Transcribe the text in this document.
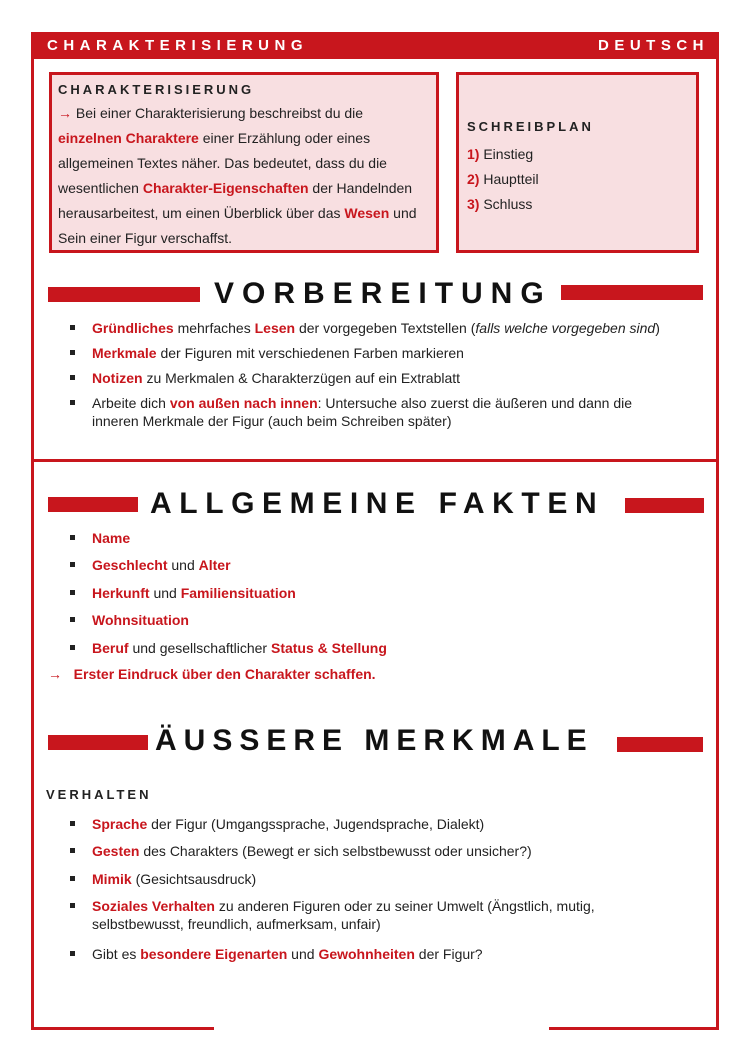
CHARAKTERISIERUNG	DEUTSCH
CHARAKTERISIERUNG
→ Bei einer Charakterisierung beschreibst du die einzelnen Charaktere einer Erzählung oder eines allgemeinen Textes näher. Das bedeutet, dass du die wesentlichen Charakter-Eigenschaften der Handelnden herausarbeitest, um einen Überblick über das Wesen und Sein einer Figur verschaffst.
SCHREIBPLAN
1) Einstieg
2) Hauptteil
3) Schluss
VORBEREITUNG
Gründliches mehrfaches Lesen der vorgegeben Textstellen (falls welche vorgegeben sind)
Merkmale der Figuren mit verschiedenen Farben markieren
Notizen zu Merkmalen & Charakterzügen auf ein Extrablatt
Arbeite dich von außen nach innen: Untersuche also zuerst die äußeren und dann die inneren Merkmale der Figur (auch beim Schreiben später)
ALLGEMEINE FAKTEN
Name
Geschlecht und Alter
Herkunft und Familiensituation
Wohnsituation
Beruf und gesellschaftlicher Status & Stellung
→ Erster Eindruck über den Charakter schaffen.
ÄUSSERE MERKMALE
VERHALTEN
Sprache der Figur (Umgangssprache, Jugendsprache, Dialekt)
Gesten des Charakters (Bewegt er sich selbstbewusst oder unsicher?)
Mimik (Gesichtsausdruck)
Soziales Verhalten zu anderen Figuren oder zu seiner Umwelt (Ängstlich, mutig, selbstbewusst, freundlich, aufmerksam, unfair)
Gibt es besondere Eigenarten und Gewohnheiten der Figur?
